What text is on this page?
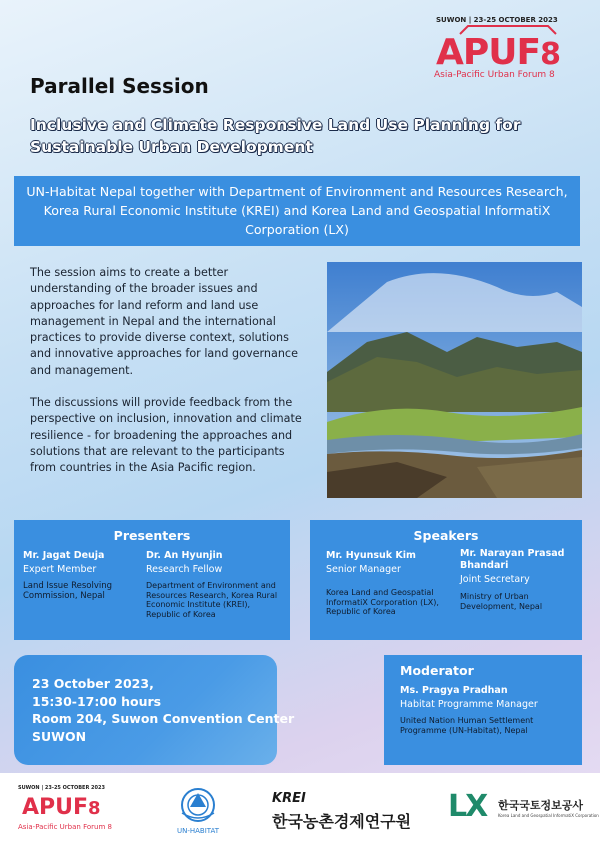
SUWON | 23-25 OCTOBER 2023
APUF8
Asia-Pacific Urban Forum 8
Parallel Session
Inclusive and Climate Responsive Land Use Planning for Sustainable Urban Development
UN-Habitat Nepal together with Department of Environment and Resources Research, Korea Rural Economic Institute (KREI) and Korea Land and Geospatial InformatiX Corporation (LX)

The session aims to create a better understanding of the broader issues and approaches for land reform and land use management in Nepal and the international practices to provide diverse context, solutions and innovative approaches for land governance and management.

The discussions will provide feedback from the perspective on inclusion, innovation and climate resilience - for broadening the approaches and solutions that are relevant to the participants from countries in the Asia Pacific region.

Presenters
Mr. Jagat Deuja
Expert Member
Land Issue Resolving Commission, Nepal
Dr. An Hyunjin
Research Fellow
Department of Environment and Resources Research, Korea Rural Economic Institute (KREI), Republic of Korea
Speakers
Mr. Hyunsuk Kim
Senior Manager
Korea Land and Geospatial InformatiX Corporation (LX), Republic of Korea
Mr. Narayan Prasad Bhandari
Joint Secretary
Ministry of Urban Development, Nepal
23 October 2023,
15:30-17:00 hours
Room 204, Suwon Convention Center
SUWON
Moderator
Ms. Pragya Pradhan
Habitat Programme Manager
United Nation Human Settlement Programme (UN-Habitat), Nepal
SUWON | 23-25 OCTOBER 2023
APUF8
Asia-Pacific Urban Forum 8	UN-HABITAT
KREI
한국농촌경제연구원 LX 한국국토정보공사
Korea Land and Geospatial InformatiX Corporation
